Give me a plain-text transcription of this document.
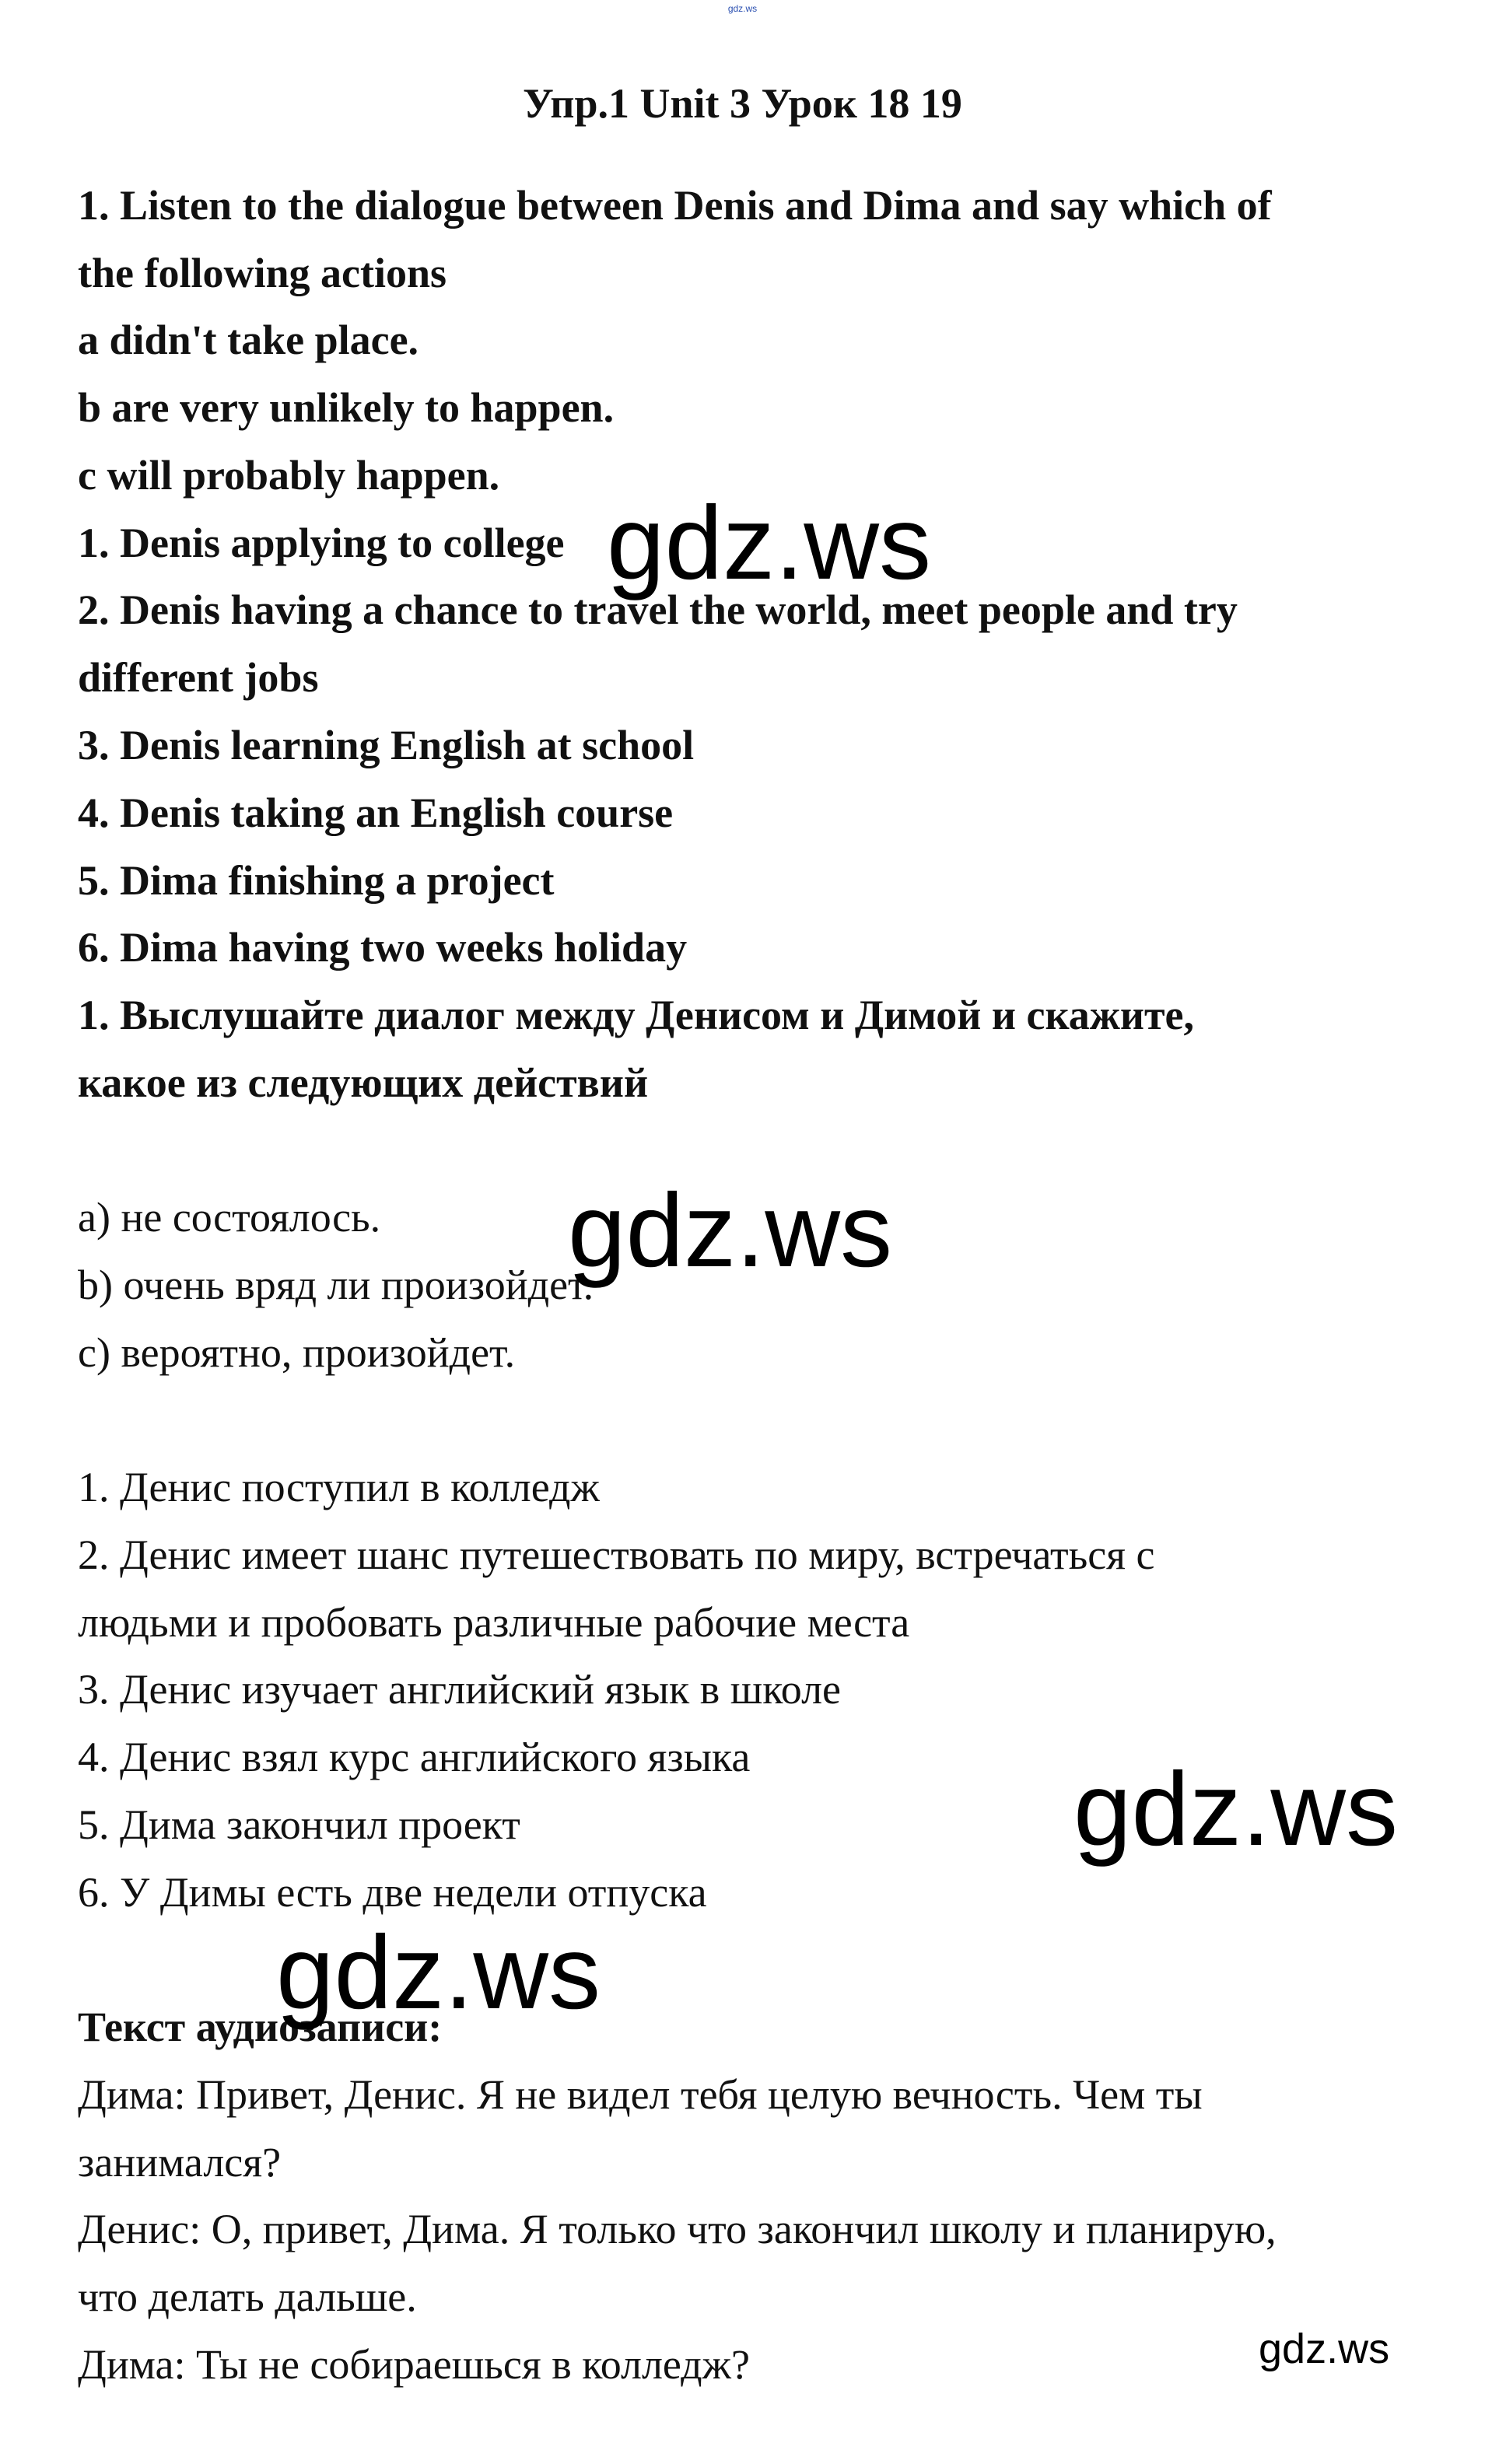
gdz.ws
Упр.1 Unit 3 Урок 18 19
1. Listen to the dialogue between Denis and Dima and say which of
the following actions
a didn't take place.
b are very unlikely to happen.
c will probably happen.
1. Denis applying to college
2. Denis having a chance to travel the world, meet people and try
different jobs
3. Denis learning English at school
4. Denis taking an English course
5. Dima finishing a project
6. Dima having two weeks holiday
1. Выслушайте диалог между Денисом и Димой и скажите,
какое из следующих действий
а) не состоялось.
b) очень вряд ли произойдет.
c) вероятно, произойдет.
1. Денис поступил в колледж
2. Денис имеет шанс путешествовать по миру, встречаться с
людьми и пробовать различные рабочие места
3. Денис изучает английский язык в школе
4. Денис взял курс английского языка
5. Дима закончил проект
6. У Димы есть две недели отпуска
Текст аудиозаписи:
Дима: Привет, Денис. Я не видел тебя целую вечность. Чем ты
занимался?
Денис: О, привет, Дима. Я только что закончил школу и планирую,
что делать дальше.
Дима: Ты не собираешься в колледж?
gdz.ws
gdz.ws
gdz.ws
gdz.ws
gdz.ws
